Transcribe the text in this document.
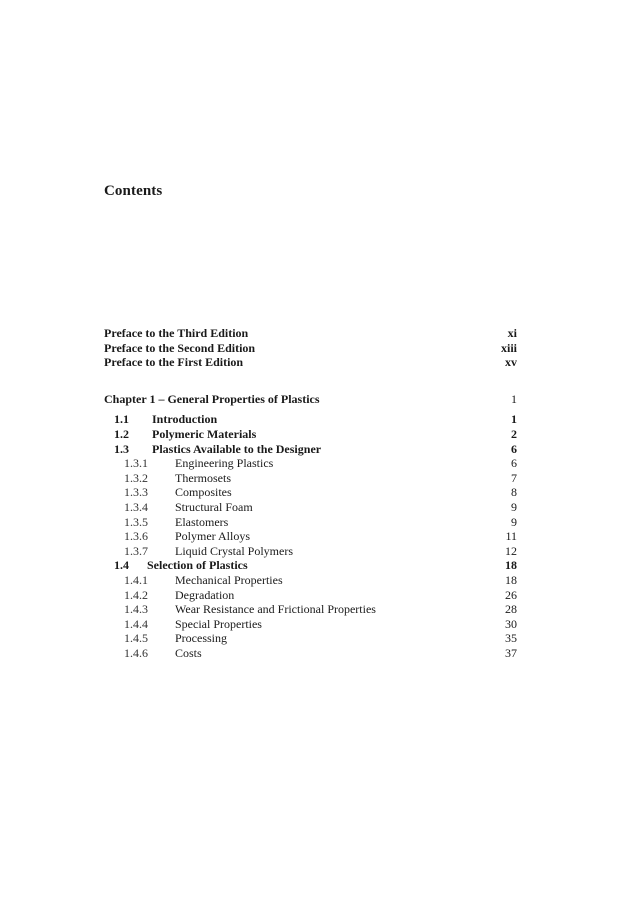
Contents
Preface to the Third Edition	xi
Preface to the Second Edition	xiii
Preface to the First Edition	xv
Chapter 1 – General Properties of Plastics	1
1.1	Introduction	1
1.2	Polymeric Materials	2
1.3	Plastics Available to the Designer	6
1.3.1	Engineering Plastics	6
1.3.2	Thermosets	7
1.3.3	Composites	8
1.3.4	Structural Foam	9
1.3.5	Elastomers	9
1.3.6	Polymer Alloys	11
1.3.7	Liquid Crystal Polymers	12
1.4	Selection of Plastics	18
1.4.1	Mechanical Properties	18
1.4.2	Degradation	26
1.4.3	Wear Resistance and Frictional Properties	28
1.4.4	Special Properties	30
1.4.5	Processing	35
1.4.6	Costs	37
